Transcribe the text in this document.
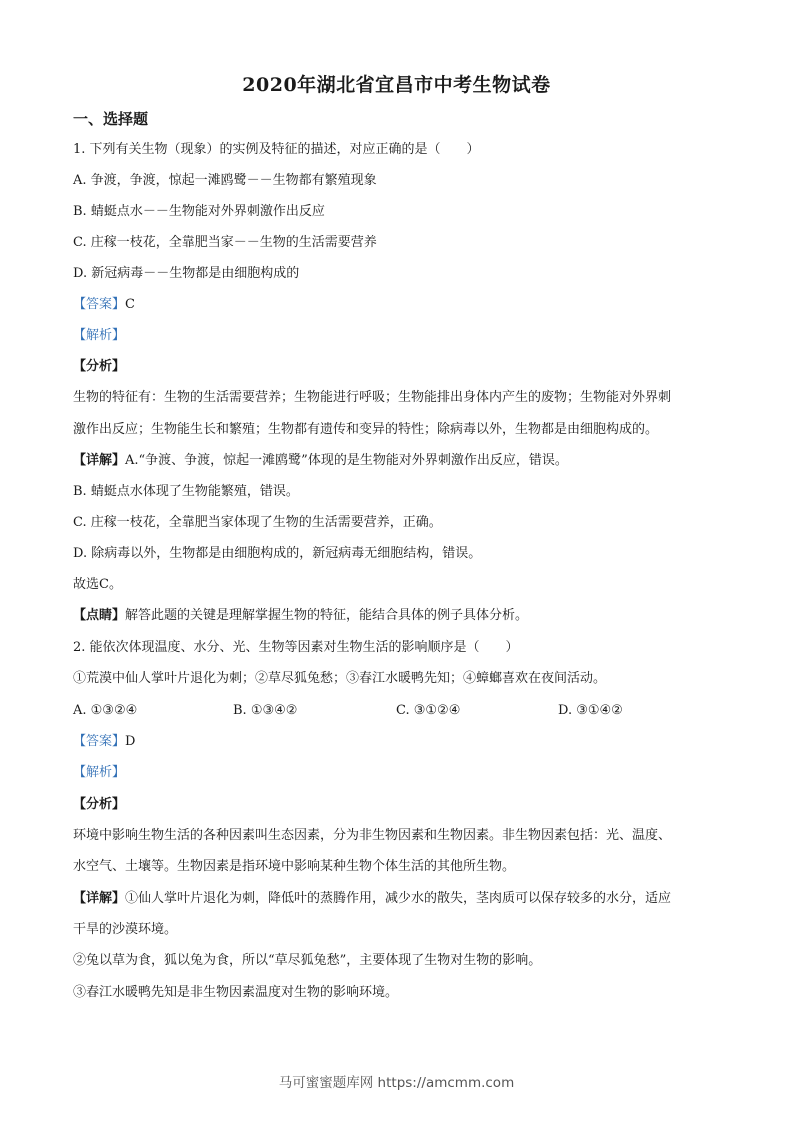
2020年湖北省宜昌市中考生物试卷
一、选择题
1. 下列有关生物（现象）的实例及特征的描述，对应正确的是（　　）
A. 争渡，争渡，惊起一滩鸥鹭－－生物都有繁殖现象
B. 蜻蜓点水－－生物能对外界刺激作出反应
C. 庄稼一枝花，全靠肥当家－－生物的生活需要营养
D. 新冠病毒－－生物都是由细胞构成的
【答案】C
【解析】
【分析】
生物的特征有：生物的生活需要营养；生物能进行呼吸；生物能排出身体内产生的废物；生物能对外界刺
激作出反应；生物能生长和繁殖；生物都有遗传和变异的特性；除病毒以外，生物都是由细胞构成的。
【详解】A.“争渡、争渡，惊起一滩鸥鹭”体现的是生物能对外界刺激作出反应，错误。
B. 蜻蜓点水体现了生物能繁殖，错误。
C. 庄稼一枝花，全靠肥当家体现了生物的生活需要营养，正确。
D. 除病毒以外，生物都是由细胞构成的，新冠病毒无细胞结构，错误。
故选C。
【点睛】解答此题的关键是理解掌握生物的特征，能结合具体的例子具体分析。
2. 能依次体现温度、水分、光、生物等因素对生物生活的影响顺序是（　　）
①荒漠中仙人掌叶片退化为刺；②草尽狐兔愁；③春江水暖鸭先知；④蟑螂喜欢在夜间活动。
A. ①③②④	B. ①③④②	C. ③①②④	D. ③①④②
【答案】D
【解析】
【分析】
环境中影响生物生活的各种因素叫生态因素，分为非生物因素和生物因素。非生物因素包括：光、温度、
水空气、土壤等。生物因素是指环境中影响某种生物个体生活的其他所生物。
【详解】①仙人掌叶片退化为刺，降低叶的蒸腾作用，减少水的散失，茎肉质可以保存较多的水分，适应
干旱的沙漠环境。
②兔以草为食，狐以兔为食，所以“草尽狐兔愁”，主要体现了生物对生物的影响。
③春江水暖鸭先知是非生物因素温度对生物的影响环境。
马可蜜蜜题库网 https://amcmm.com
